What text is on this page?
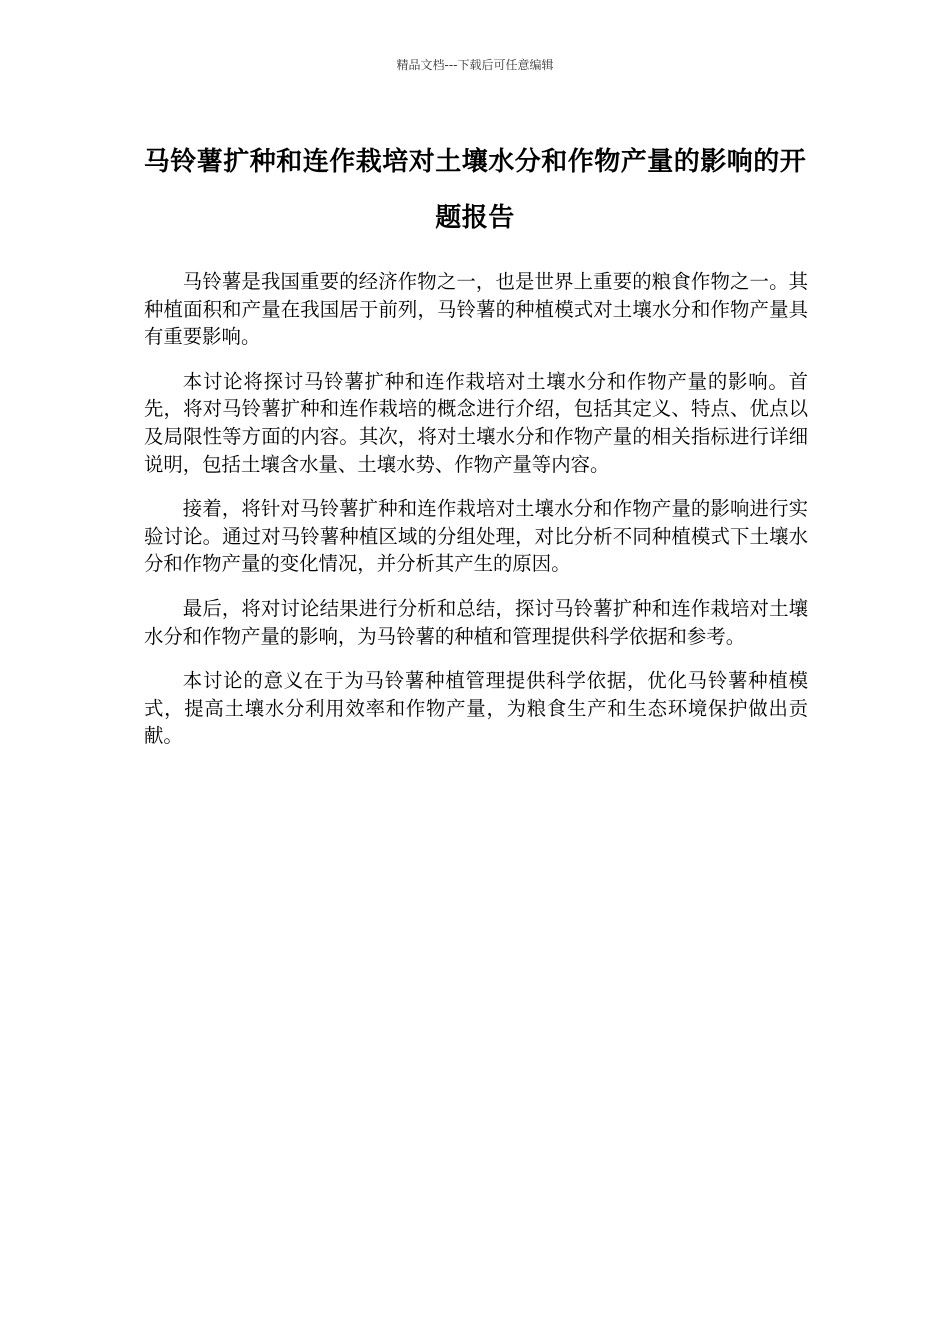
精品文档---下载后可任意编辑
马铃薯扩种和连作栽培对土壤水分和作物产量的影响的开题报告

马铃薯是我国重要的经济作物之一，也是世界上重要的粮食作物之一。其种植面积和产量在我国居于前列，马铃薯的种植模式对土壤水分和作物产量具有重要影响。

本讨论将探讨马铃薯扩种和连作栽培对土壤水分和作物产量的影响。首先，将对马铃薯扩种和连作栽培的概念进行介绍，包括其定义、特点、优点以及局限性等方面的内容。其次，将对土壤水分和作物产量的相关指标进行详细说明，包括土壤含水量、土壤水势、作物产量等内容。

接着，将针对马铃薯扩种和连作栽培对土壤水分和作物产量的影响进行实验讨论。通过对马铃薯种植区域的分组处理，对比分析不同种植模式下土壤水分和作物产量的变化情况，并分析其产生的原因。

最后，将对讨论结果进行分析和总结，探讨马铃薯扩种和连作栽培对土壤水分和作物产量的影响，为马铃薯的种植和管理提供科学依据和参考。

本讨论的意义在于为马铃薯种植管理提供科学依据，优化马铃薯种植模式，提高土壤水分利用效率和作物产量，为粮食生产和生态环境保护做出贡献。
